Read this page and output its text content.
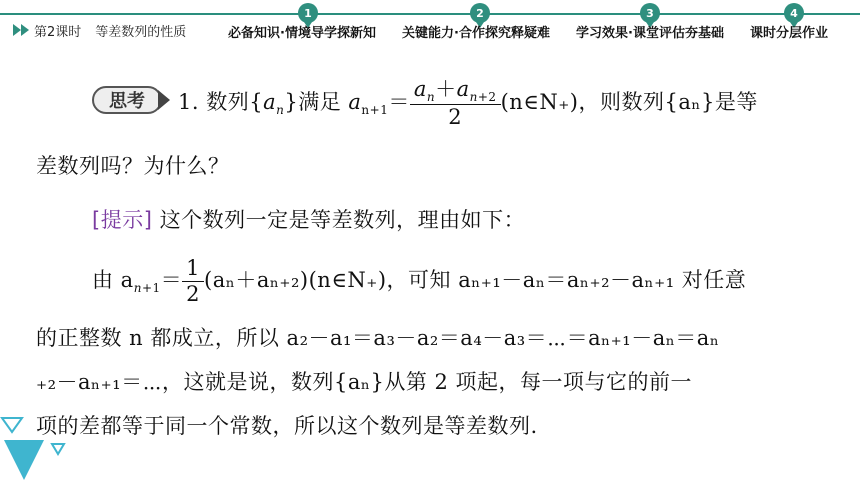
第2课时 等差数列的性质
1
必备知识·情境导学探新知
2
关键能力·合作探究释疑难
3
学习效果·课堂评估夯基础
4
课时分层作业
思考	1. 数列$\{a_n\}$满足 $a_{n+1}= \frac{a_n+a_{n+2}}{2}$ (n∈N₊)，则数列{aₙ}是等
差数列吗？为什么？
[提示] 这个数列一定是等差数列，理由如下：
由 $a_{n+1}= \frac{1}{2}$ (aₙ＋aₙ₊₂)(n∈N₊)，可知 aₙ₊₁－aₙ＝aₙ₊₂－aₙ₊₁ 对任意
的正整数 n 都成立，所以 a₂－a₁＝a₃－a₂＝a₄－a₃＝⋯＝aₙ₊₁－aₙ＝aₙ
₊₂－aₙ₊₁＝⋯，这就是说，数列{aₙ}从第 2 项起，每一项与它的前一
项的差都等于同一个常数，所以这个数列是等差数列.
